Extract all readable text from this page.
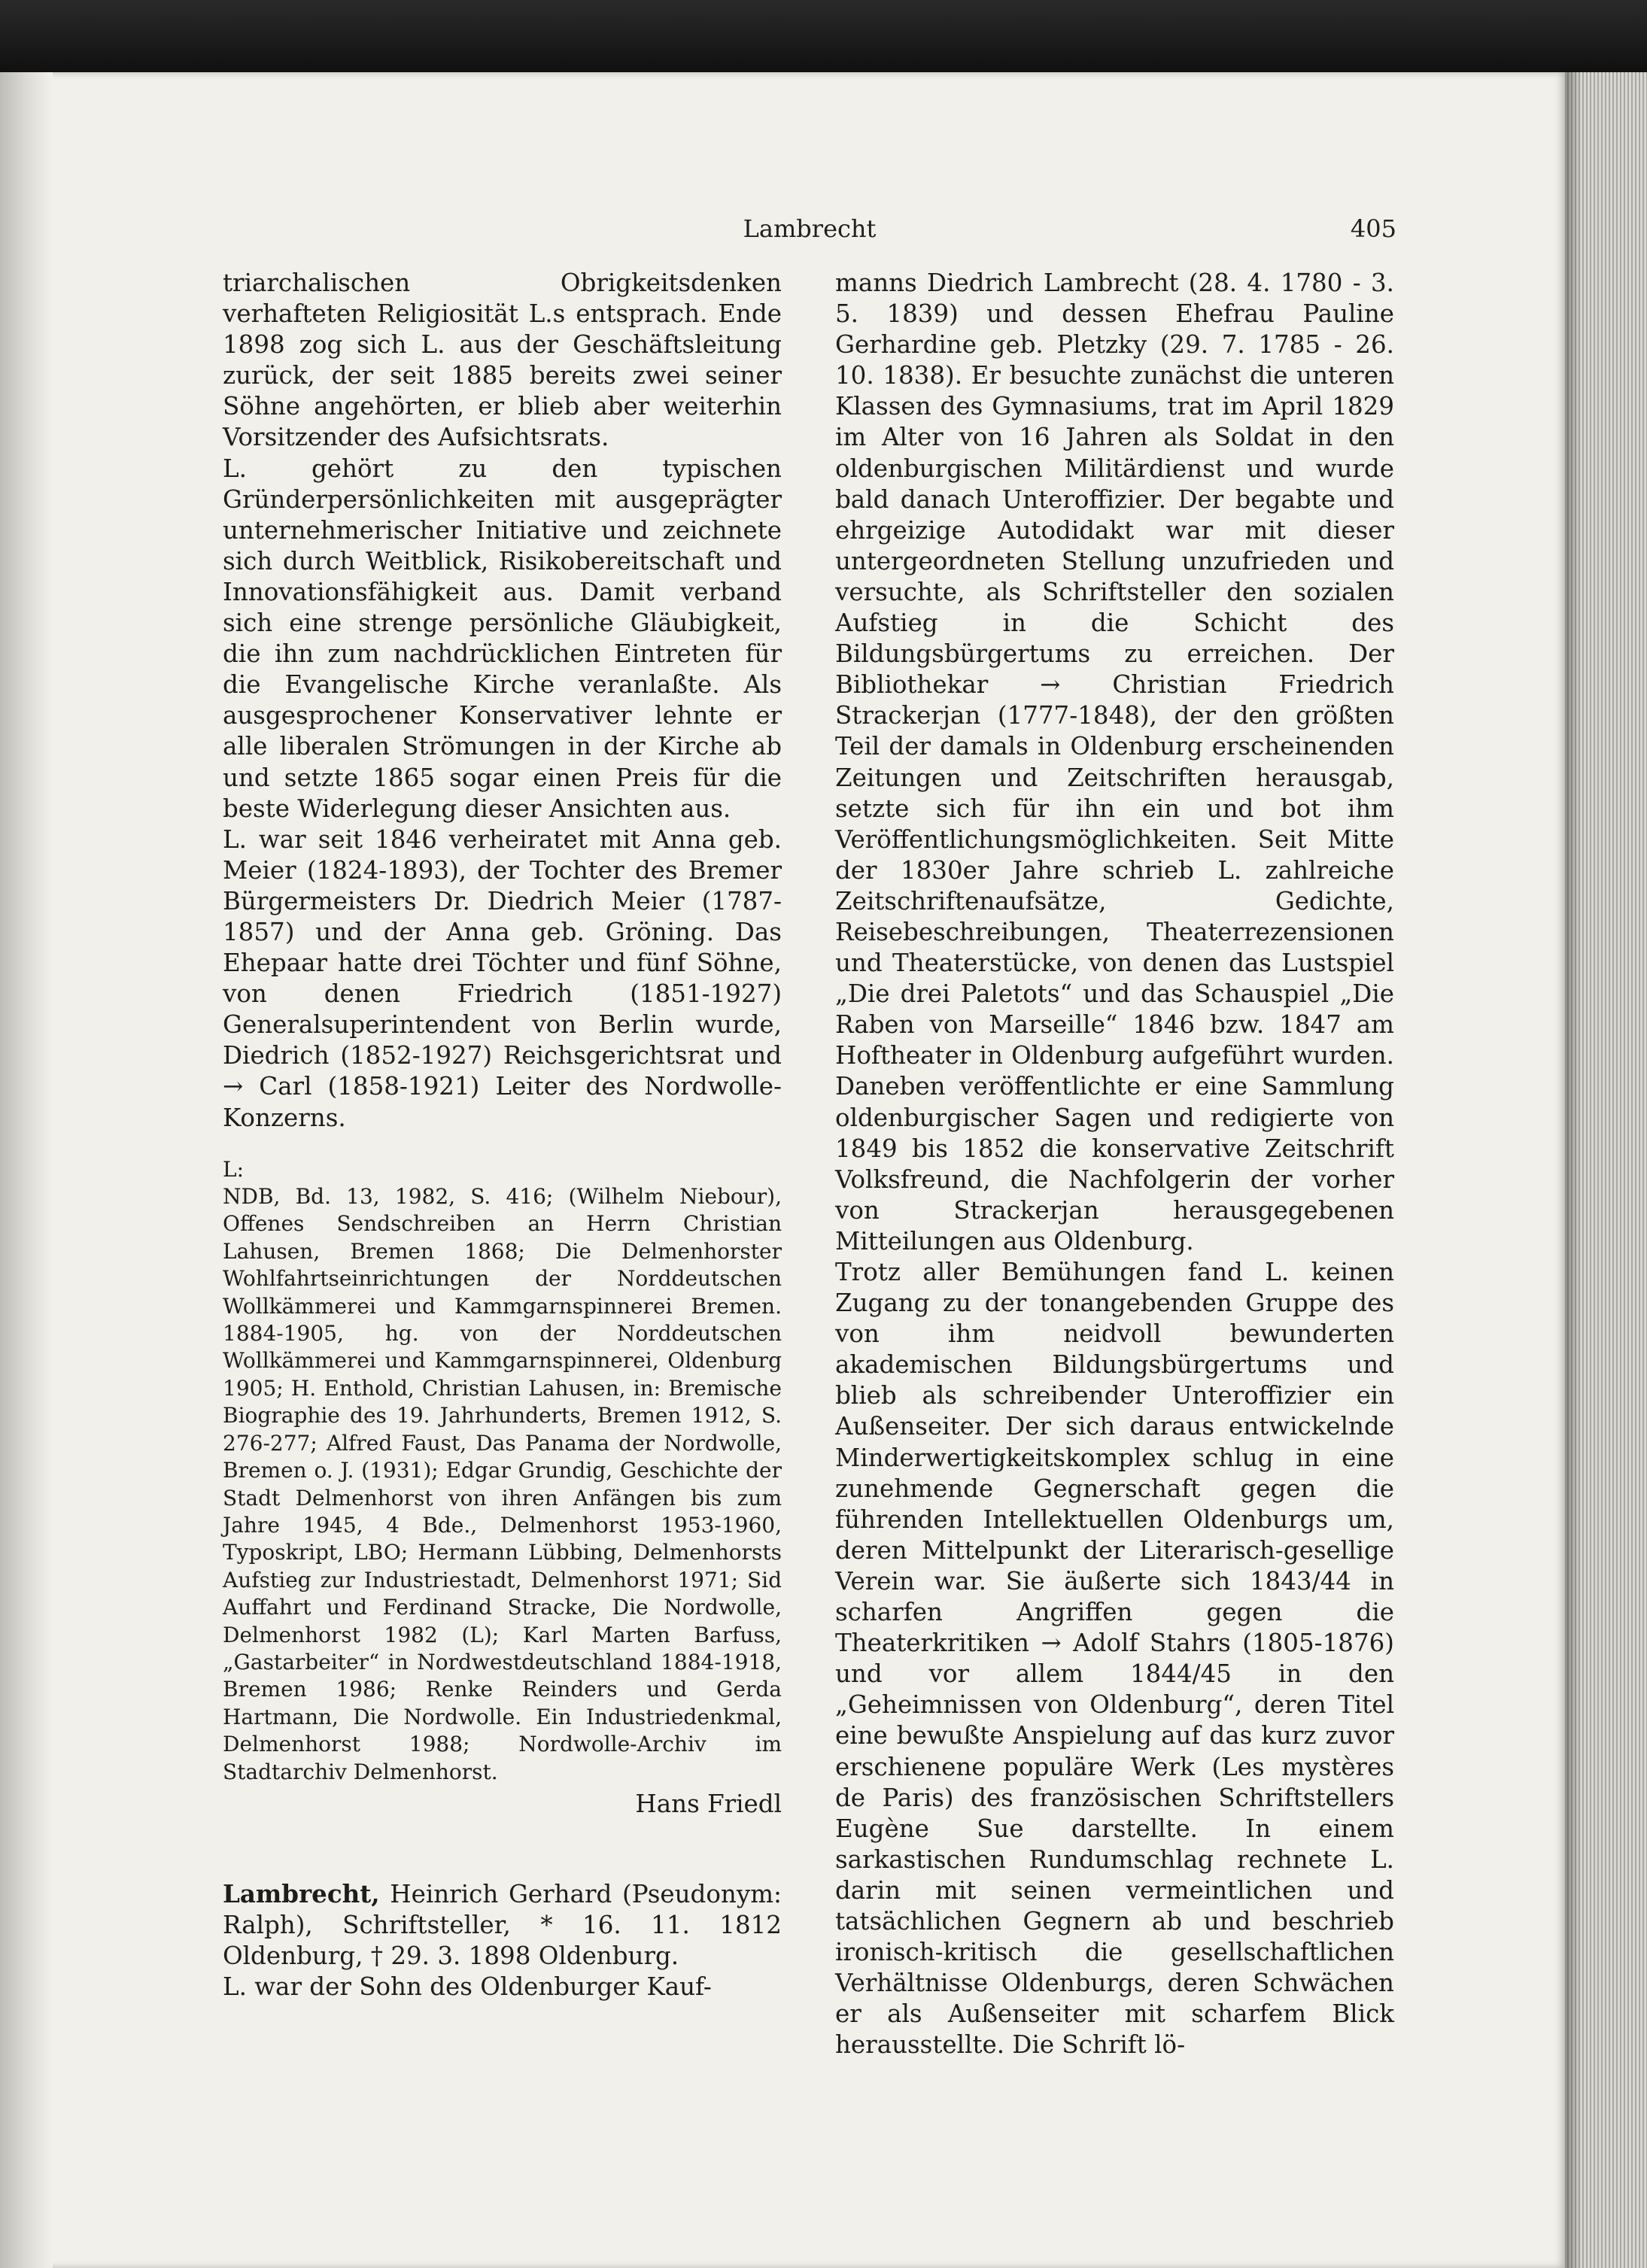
Lambrecht	405

triarchalischen Obrigkeitsdenken verhafteten Religiosität L.s entsprach. Ende 1898 zog sich L. aus der Geschäftsleitung zurück, der seit 1885 bereits zwei seiner Söhne angehörten, er blieb aber weiterhin Vorsitzender des Aufsichtsrats.

L. gehört zu den typischen Gründerpersönlichkeiten mit ausgeprägter unternehmerischer Initiative und zeichnete sich durch Weitblick, Risikobereitschaft und Innovationsfähigkeit aus. Damit verband sich eine strenge persönliche Gläubigkeit, die ihn zum nachdrücklichen Eintreten für die Evangelische Kirche veranlaßte. Als ausgesprochener Konservativer lehnte er alle liberalen Strömungen in der Kirche ab und setzte 1865 sogar einen Preis für die beste Widerlegung dieser Ansichten aus.

L. war seit 1846 verheiratet mit Anna geb. Meier (1824-1893), der Tochter des Bremer Bürgermeisters Dr. Diedrich Meier (1787-1857) und der Anna geb. Gröning. Das Ehepaar hatte drei Töchter und fünf Söhne, von denen Friedrich (1851-1927) Generalsuperintendent von Berlin wurde, Diedrich (1852-1927) Reichsgerichtsrat und → Carl (1858-1921) Leiter des Nordwolle-Konzerns.

L:

NDB, Bd. 13, 1982, S. 416; (Wilhelm Niebour), Offenes Sendschreiben an Herrn Christian Lahusen, Bremen 1868; Die Delmenhorster Wohlfahrtseinrichtungen der Norddeutschen Wollkämmerei und Kammgarnspinnerei Bremen. 1884-1905, hg. von der Norddeutschen Wollkämmerei und Kammgarnspinnerei, Oldenburg 1905; H. Enthold, Christian Lahusen, in: Bremische Biographie des 19. Jahrhunderts, Bremen 1912, S. 276-277; Alfred Faust, Das Panama der Nordwolle, Bremen o. J. (1931); Edgar Grundig, Geschichte der Stadt Delmenhorst von ihren Anfängen bis zum Jahre 1945, 4 Bde., Delmenhorst 1953-1960, Typoskript, LBO; Hermann Lübbing, Delmenhorsts Aufstieg zur Industriestadt, Delmenhorst 1971; Sid Auffahrt und Ferdinand Stracke, Die Nordwolle, Delmenhorst 1982 (L); Karl Marten Barfuss, „Gastarbeiter“ in Nordwestdeutschland 1884-1918, Bremen 1986; Renke Reinders und Gerda Hartmann, Die Nordwolle. Ein Industriedenkmal, Delmenhorst 1988; Nordwolle-Archiv im Stadtarchiv Delmenhorst.

Hans Friedl

Lambrecht, Heinrich Gerhard (Pseudonym: Ralph), Schriftsteller, * 16. 11. 1812 Oldenburg, † 29. 3. 1898 Oldenburg.

L. war der Sohn des Oldenburger Kauf-

manns Diedrich Lambrecht (28. 4. 1780 - 3. 5. 1839) und dessen Ehefrau Pauline Gerhardine geb. Pletzky (29. 7. 1785 - 26. 10. 1838). Er besuchte zunächst die unteren Klassen des Gymnasiums, trat im April 1829 im Alter von 16 Jahren als Soldat in den oldenburgischen Militärdienst und wurde bald danach Unteroffizier. Der begabte und ehrgeizige Autodidakt war mit dieser untergeordneten Stellung unzufrieden und versuchte, als Schriftsteller den sozialen Aufstieg in die Schicht des Bildungsbürgertums zu erreichen. Der Bibliothekar → Christian Friedrich Strackerjan (1777-1848), der den größten Teil der damals in Oldenburg erscheinenden Zeitungen und Zeitschriften herausgab, setzte sich für ihn ein und bot ihm Veröffentlichungsmöglichkeiten. Seit Mitte der 1830er Jahre schrieb L. zahlreiche Zeitschriftenaufsätze, Gedichte, Reisebeschreibungen, Theaterrezensionen und Theaterstücke, von denen das Lustspiel „Die drei Paletots“ und das Schauspiel „Die Raben von Marseille“ 1846 bzw. 1847 am Hoftheater in Oldenburg aufgeführt wurden. Daneben veröffentlichte er eine Sammlung oldenburgischer Sagen und redigierte von 1849 bis 1852 die konservative Zeitschrift Volksfreund, die Nachfolgerin der vorher von Strackerjan herausgegebenen Mitteilungen aus Oldenburg.

Trotz aller Bemühungen fand L. keinen Zugang zu der tonangebenden Gruppe des von ihm neidvoll bewunderten akademischen Bildungsbürgertums und blieb als schreibender Unteroffizier ein Außenseiter. Der sich daraus entwickelnde Minderwertigkeitskomplex schlug in eine zunehmende Gegnerschaft gegen die führenden Intellektuellen Oldenburgs um, deren Mittelpunkt der Literarisch-gesellige Verein war. Sie äußerte sich 1843/44 in scharfen Angriffen gegen die Theaterkritiken → Adolf Stahrs (1805-1876) und vor allem 1844/45 in den „Geheimnissen von Oldenburg“, deren Titel eine bewußte Anspielung auf das kurz zuvor erschienene populäre Werk (Les mystères de Paris) des französischen Schriftstellers Eugène Sue darstellte. In einem sarkastischen Rundumschlag rechnete L. darin mit seinen vermeintlichen und tatsächlichen Gegnern ab und beschrieb ironisch-kritisch die gesellschaftlichen Verhältnisse Oldenburgs, deren Schwächen er als Außenseiter mit scharfem Blick herausstellte. Die Schrift lö-
